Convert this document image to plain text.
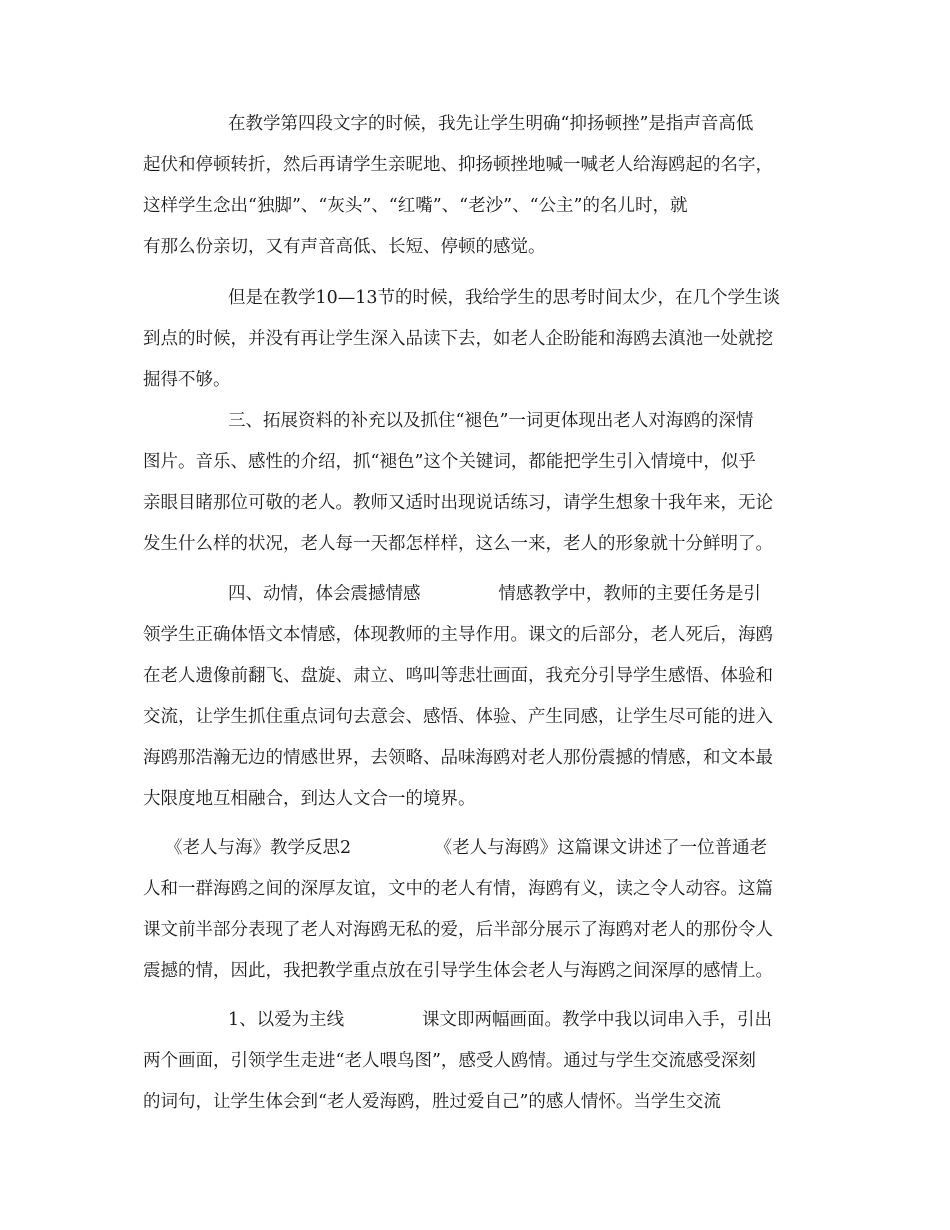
在教学第四段文字的时候，我先让学生明确“抑扬顿挫”是指声音高低
起伏和停顿转折，然后再请学生亲昵地、抑扬顿挫地喊一喊老人给海鸥起的名字，
这样学生念出“独脚”、“灰头”、“红嘴”、“老沙”、“公主”的名儿时，就
有那么份亲切，又有声音高低、长短、停顿的感觉。
但是在教学10—13节的时候，我给学生的思考时间太少，在几个学生谈
到点的时候，并没有再让学生深入品读下去，如老人企盼能和海鸥去滇池一处就挖
掘得不够。
三、拓展资料的补充以及抓住“褪色”一词更体现出老人对海鸥的深情
图片。音乐、感性的介绍，抓“褪色”这个关键词，都能把学生引入情境中，似乎
亲眼目睹那位可敬的老人。教师又适时出现说话练习，请学生想象十我年来，无论
发生什么样的状况，老人每一天都怎样样，这么一来，老人的形象就十分鲜明了。
四、动情，体会震撼情感              情感教学中，教师的主要任务是引
领学生正确体悟文本情感，体现教师的主导作用。课文的后部分，老人死后，海鸥
在老人遗像前翻飞、盘旋、肃立、鸣叫等悲壮画面，我充分引导学生感悟、体验和
交流，让学生抓住重点词句去意会、感悟、体验、产生同感，让学生尽可能的进入
海鸥那浩瀚无边的情感世界，去领略、品味海鸥对老人那份震撼的情感，和文本最
大限度地互相融合，到达人文合一的境界。
《老人与海》教学反思2               《老人与海鸥》这篇课文讲述了一位普通老
人和一群海鸥之间的深厚友谊，文中的老人有情，海鸥有义，读之令人动容。这篇
课文前半部分表现了老人对海鸥无私的爱，后半部分展示了海鸥对老人的那份令人
震撼的情，因此，我把教学重点放在引导学生体会老人与海鸥之间深厚的感情上。
1、以爱为主线              课文即两幅画面。教学中我以词串入手，引出
两个画面，引领学生走进“老人喂鸟图”，感受人鸥情。通过与学生交流感受深刻
的词句，让学生体会到“老人爱海鸥，胜过爱自己”的感人情怀。当学生交流
